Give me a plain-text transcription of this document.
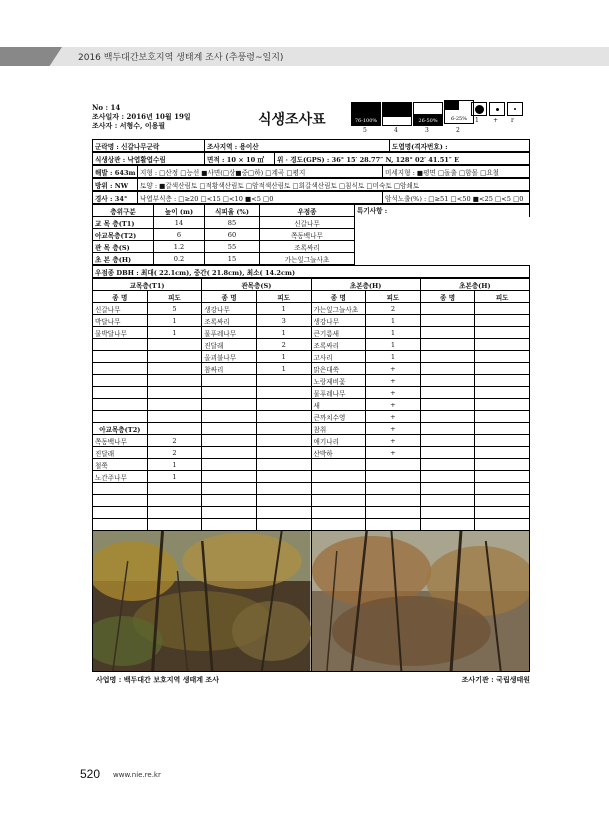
2016 백두대간보호지역 생태계 조사 (추풍령~일지)
No : 14
조사일자 : 2016년 10월 19일
조사자 : 서형수, 이용필	식생조사표	76-100%
5
51-75%
4
26-50%
3
6-25%
2
1 + r
군락명 : 신갈나무군락	조사지역 : 용이산	도엽명(격자번호) :
식생상관 : 낙엽활엽수림	면적 : 10 × 10 ㎡	위 · 경도(GPS) : 36° 15′ 28.77″ N, 128° 02′ 41.51″ E
해발 : 643m	지형 : □산정 □능선 ■사면(□상■중□하) □계곡 □평지	미세지형 : ■평면 □돌출 □함몰 □요철
방위 : NW	토양 : ■갈색산림토 □적황색산림토 □암적색산림토 □회갈색산림토 □침식토 □미숙토 □암쇄토
경사 : 34°	낙엽부식층 : □≥20 □<15 □<10 ■<5 □0	암석노출(%) : □≥51 □<50 ■<25 □<5 □0
층위구분	높이 (m)	식피율 (%)	우점종	특기사항 :
교 목 층(T1)	14	85	신갈나무	
아교목층(T2)	6	60	쪽동백나무	
관 목 층(S)	1.2	55	조록싸리	
초 본 층(H)	0.2	15	가는잎그늘사초	
우점종 DBH : 최대( 22.1cm), 중간( 21.8cm), 최소( 14.2cm)
교목층(T1)		관목층(S)		초본층(H)		초본층(H)	
종 명	피도	종 명	피도	종 명	피도	종 명	피도
신갈나무	5	생강나무	1	가는잎그늘사초	2		
박달나무	1	조록싸리	3	생강나무	1		
물박달나무	1	물푸레나무	1	큰기름새	1		
		진달래	2	조록싸리	1		
		올괴불나무	1	고사리	1		
		참싸리	1	맑은대쑥	+		
				노랑제비꽃	+		
				물푸레나무	+		
				새	+		
				큰까치수영	+		
아교목층(T2)				참취	+		
쪽동백나무	2			애기나리	+		
진달래	2			산박하	+		
철쭉	1						
노간주나무	1						

사업명 : 백두대간 보호지역 생태계 조사	조사기관 : 국립생태원
520 www.nie.re.kr
